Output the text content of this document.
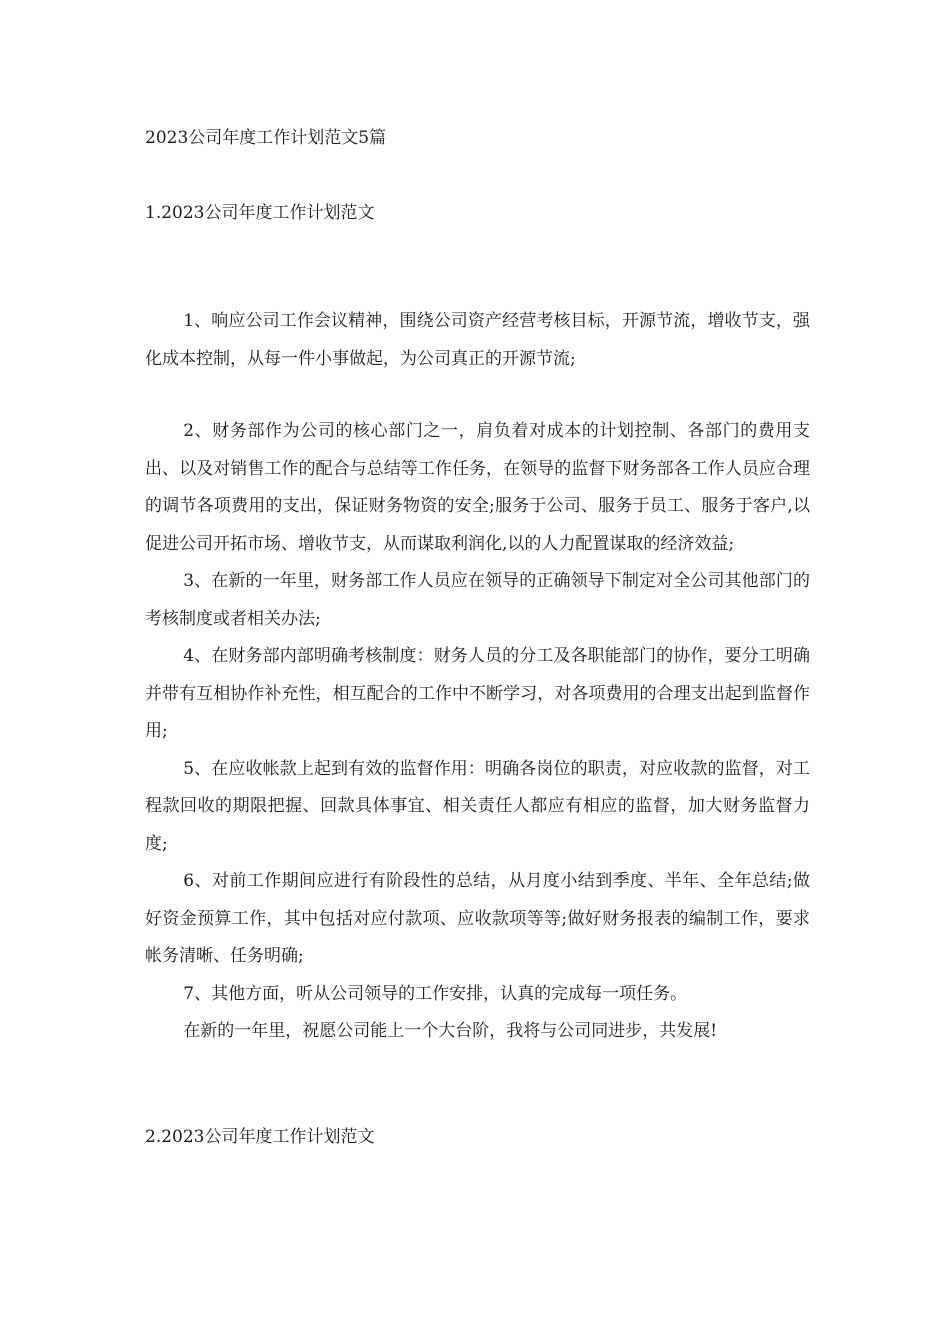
2023公司年度工作计划范文5篇
1.2023公司年度工作计划范文

1、响应公司工作会议精神，围绕公司资产经营考核目标，开源节流，增收节支，强化成本控制，从每一件小事做起，为公司真正的开源节流;

2、财务部作为公司的核心部门之一，肩负着对成本的计划控制、各部门的费用支出、以及对销售工作的配合与总结等工作任务，在领导的监督下财务部各工作人员应合理的调节各项费用的支出，保证财务物资的安全;服务于公司、服务于员工、服务于客户,以促进公司开拓市场、增收节支，从而谋取利润化,以的人力配置谋取的经济效益;

3、在新的一年里，财务部工作人员应在领导的正确领导下制定对全公司其他部门的考核制度或者相关办法;

4、在财务部内部明确考核制度：财务人员的分工及各职能部门的协作，要分工明确并带有互相协作补充性，相互配合的工作中不断学习，对各项费用的合理支出起到监督作用;

5、在应收帐款上起到有效的监督作用：明确各岗位的职责，对应收款的监督，对工程款回收的期限把握、回款具体事宜、相关责任人都应有相应的监督，加大财务监督力度;

6、对前工作期间应进行有阶段性的总结，从月度小结到季度、半年、全年总结;做好资金预算工作，其中包括对应付款项、应收款项等等;做好财务报表的编制工作，要求帐务清晰、任务明确;

7、其他方面，听从公司领导的工作安排，认真的完成每一项任务。

在新的一年里，祝愿公司能上一个大台阶，我将与公司同进步，共发展!

2.2023公司年度工作计划范文
